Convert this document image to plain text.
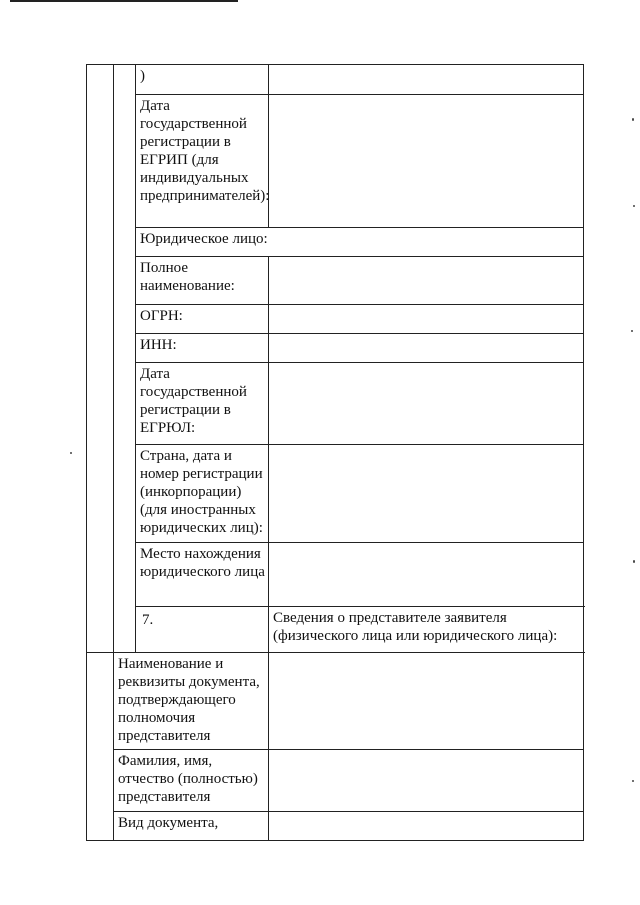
		)	
		Дата государственной регистрации в ЕГРИП (для индивидуальных предпринимателей):	
		Юридическое лицо:	
		Полное наименование:	
		ОГРН:	
		ИНН:	
		Дата государственной регистрации в ЕГРЮЛ:	
		Страна, дата и номер регистрации (инкорпорации) (для иностранных юридических лиц):	
		Место нахождения юридического лица	
		7.	Сведения о представителе заявителя (физического лица или юридического лица):
	Наименование и реквизиты документа, подтверждающего полномочия представителя		
	Фамилия, имя, отчество (полностью) представителя		
	Вид документа,		
